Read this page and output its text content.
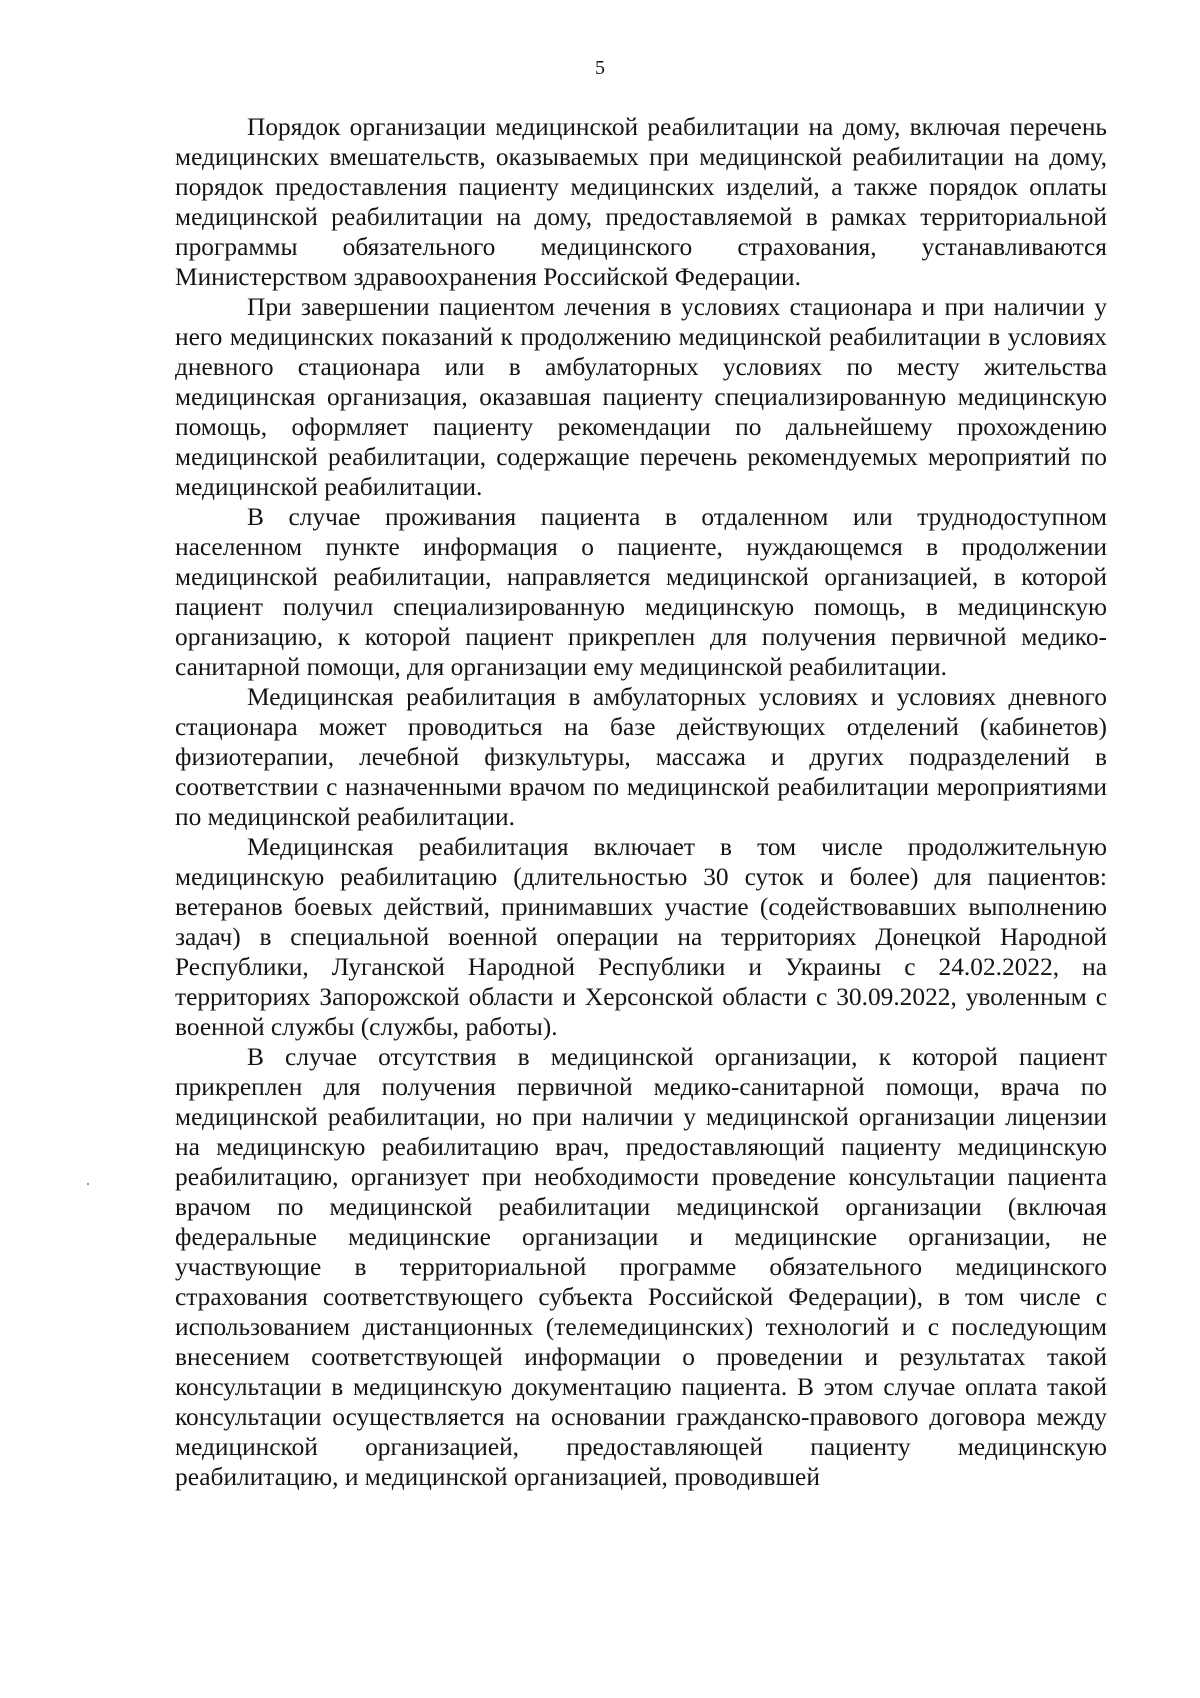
5

Порядок организации медицинской реабилитации на дому, включая перечень медицинских вмешательств, оказываемых при медицинской реабилитации на дому, порядок предоставления пациенту медицинских изделий, а также порядок оплаты медицинской реабилитации на дому, предоставляемой в рамках территориальной программы обязательного медицинского страхования, устанавливаются Министерством здравоохранения Российской Федерации.

При завершении пациентом лечения в условиях стационара и при наличии у него медицинских показаний к продолжению медицинской реабилитации в условиях дневного стационара или в амбулаторных условиях по месту жительства медицинская организация, оказавшая пациенту специализированную медицинскую помощь, оформляет пациенту рекомендации по дальнейшему прохождению медицинской реабилитации, содержащие перечень рекомендуемых мероприятий по медицинской реабилитации.

В случае проживания пациента в отдаленном или труднодоступном населенном пункте информация о пациенте, нуждающемся в продолжении медицинской реабилитации, направляется медицинской организацией, в которой пациент получил специализированную медицинскую помощь, в медицинскую организацию, к которой пациент прикреплен для получения первичной медико-санитарной помощи, для организации ему медицинской реабилитации.

Медицинская реабилитация в амбулаторных условиях и условиях дневного стационара может проводиться на базе действующих отделений (кабинетов) физиотерапии, лечебной физкультуры, массажа и других подразделений в соответствии с назначенными врачом по медицинской реабилитации мероприятиями по медицинской реабилитации.

Медицинская реабилитация включает в том числе продолжительную медицинскую реабилитацию (длительностью 30 суток и более) для пациентов: ветеранов боевых действий, принимавших участие (содействовавших выполнению задач) в специальной военной операции на территориях Донецкой Народной Республики, Луганской Народной Республики и Украины с 24.02.2022, на территориях Запорожской области и Херсонской области с 30.09.2022, уволенным с военной службы (службы, работы).

В случае отсутствия в медицинской организации, к которой пациент прикреплен для получения первичной медико-санитарной помощи, врача по медицинской реабилитации, но при наличии у медицинской организации лицензии на медицинскую реабилитацию врач, предоставляющий пациенту медицинскую реабилитацию, организует при необходимости проведение консультации пациента врачом по медицинской реабилитации медицинской организации (включая федеральные медицинские организации и медицинские организации, не участвующие в территориальной программе обязательного медицинского страхования соответствующего субъекта Российской Федерации), в том числе с использованием дистанционных (телемедицинских) технологий и с последующим внесением соответствующей информации о проведении и результатах такой консультации в медицинскую документацию пациента. В этом случае оплата такой консультации осуществляется на основании гражданско-правового договора между медицинской организацией, предоставляющей пациенту медицинскую реабилитацию, и медицинской организацией, проводившей
